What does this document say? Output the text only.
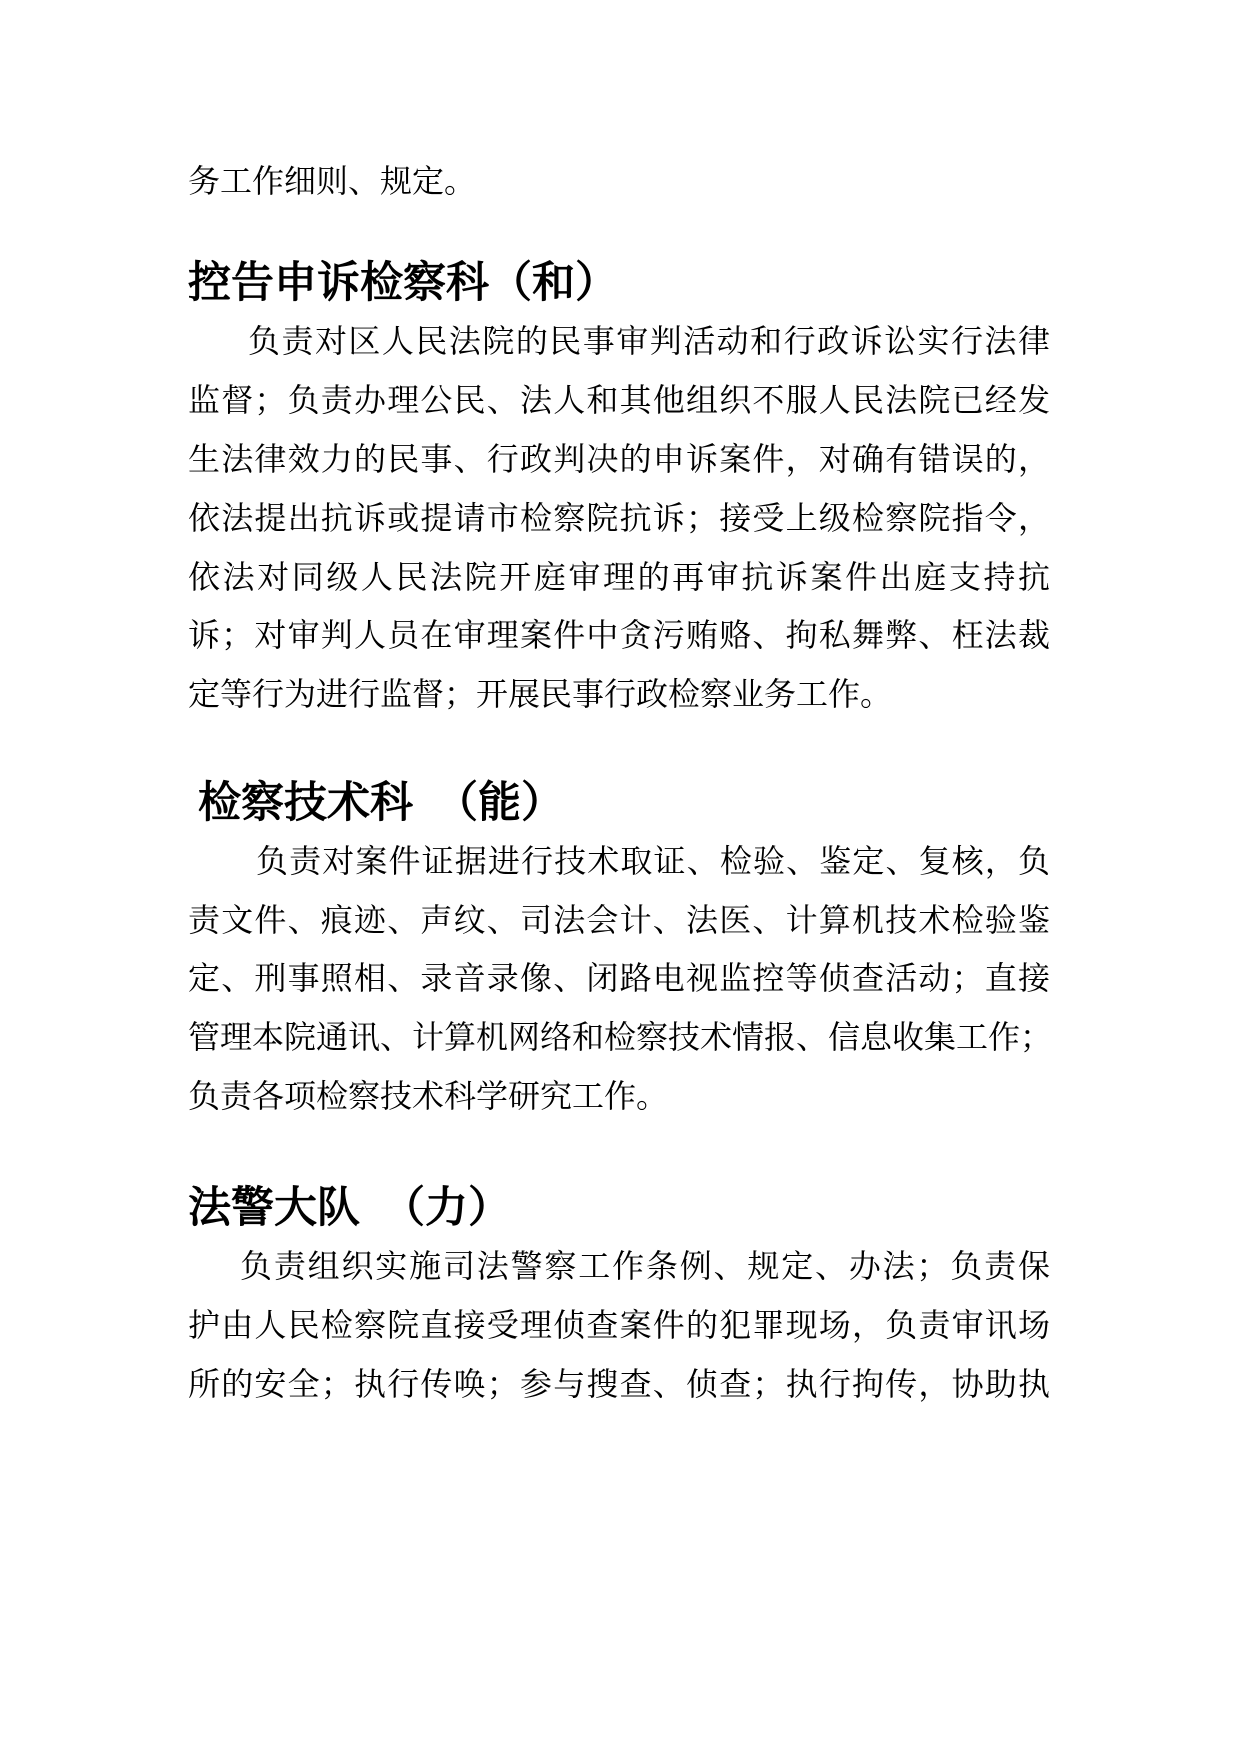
务工作细则、规定。
控告申诉检察科（和）
负责对区人民法院的民事审判活动和行政诉讼实行法律
监督；负责办理公民、法人和其他组织不服人民法院已经发
生法律效力的民事、行政判决的申诉案件，对确有错误的，
依法提出抗诉或提请市检察院抗诉；接受上级检察院指令，
依法对同级人民法院开庭审理的再审抗诉案件出庭支持抗
诉；对审判人员在审理案件中贪污贿赂、拘私舞弊、枉法裁
定等行为进行监督；开展民事行政检察业务工作。
检察技术科 （能）
负责对案件证据进行技术取证、检验、鉴定、复核，负
责文件、痕迹、声纹、司法会计、法医、计算机技术检验鉴
定、刑事照相、录音录像、闭路电视监控等侦查活动；直接
管理本院通讯、计算机网络和检察技术情报、信息收集工作；
负责各项检察技术科学研究工作。
法警大队 （力）
负责组织实施司法警察工作条例、规定、办法；负责保
护由人民检察院直接受理侦查案件的犯罪现场，负责审讯场
所的安全；执行传唤；参与搜查、侦查；执行拘传，协助执
